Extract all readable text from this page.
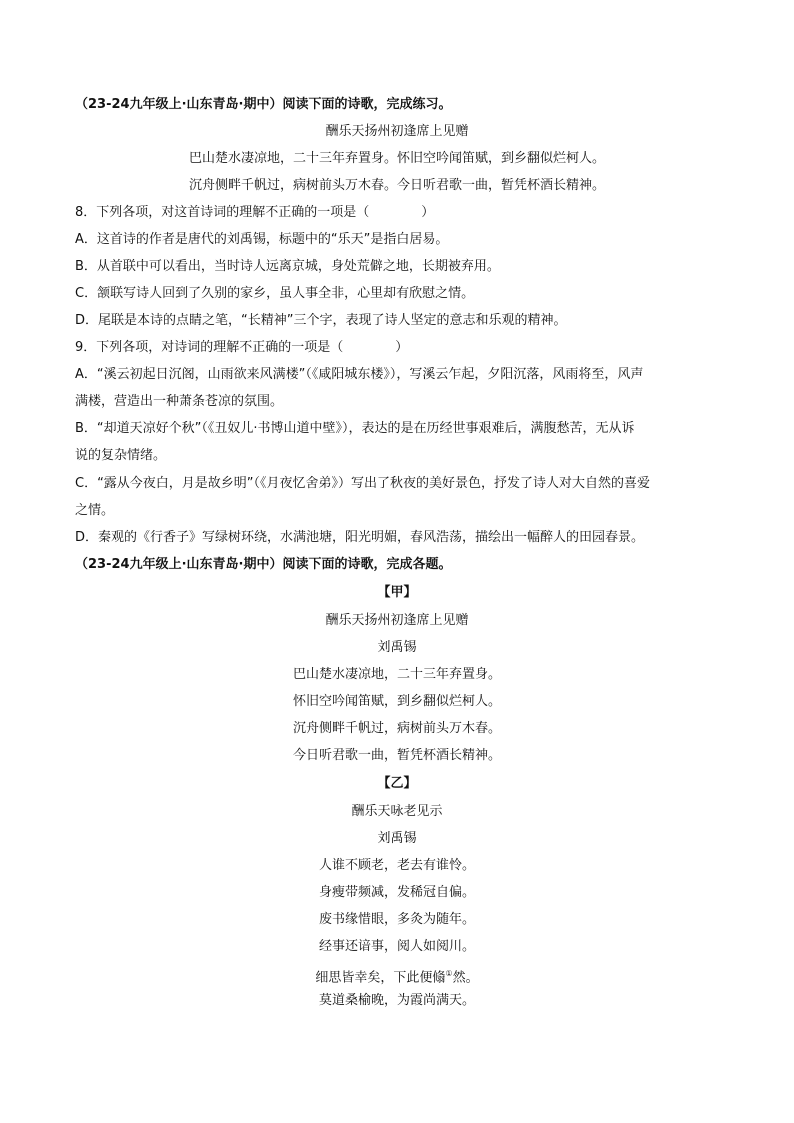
（23-24九年级上·山东青岛·期中）阅读下面的诗歌，完成练习。
酬乐天扬州初逢席上见赠
巴山楚水凄凉地，二十三年弃置身。怀旧空吟闻笛赋，到乡翻似烂柯人。
沉舟侧畔千帆过，病树前头万木春。今日听君歌一曲，暂凭杯酒长精神。
8．下列各项，对这首诗词的理解不正确的一项是（　　　　）
A．这首诗的作者是唐代的刘禹锡，标题中的“乐天”是指白居易。
B．从首联中可以看出，当时诗人远离京城，身处荒僻之地，长期被弃用。
C．颔联写诗人回到了久别的家乡，虽人事全非，心里却有欣慰之情。
D．尾联是本诗的点睛之笔，“长精神”三个字，表现了诗人坚定的意志和乐观的精神。
9．下列各项，对诗词的理解不正确的一项是（　　　　）
A．“溪云初起日沉阁，山雨欲来风满楼”（《咸阳城东楼》），写溪云乍起，夕阳沉落，风雨将至，风声
满楼，营造出一种萧条苍凉的氛围。
B．“却道天凉好个秋”（《丑奴儿·书博山道中壁》），表达的是在历经世事艰难后，满腹愁苦，无从诉
说的复杂情绪。
C．“露从今夜白，月是故乡明”（《月夜忆舍弟》）写出了秋夜的美好景色，抒发了诗人对大自然的喜爱
之情。
D．秦观的《行香子》写绿树环绕，水满池塘，阳光明媚，春风浩荡，描绘出一幅醉人的田园春景。
（23-24九年级上·山东青岛·期中）阅读下面的诗歌，完成各题。
【甲】
酬乐天扬州初逢席上见赠
刘禹锡
巴山楚水凄凉地，二十三年弃置身。
怀旧空吟闻笛赋，到乡翻似烂柯人。
沉舟侧畔千帆过，病树前头万木春。
今日听君歌一曲，暂凭杯酒长精神。
【乙】
酬乐天咏老见示
刘禹锡
人谁不顾老，老去有谁怜。
身瘦带频减，发稀冠自偏。
废书缘惜眼，多灸为随年。
经事还谙事，阅人如阅川。
细思皆幸矣，下此便翛①然。
莫道桑榆晚，为霞尚满天。
